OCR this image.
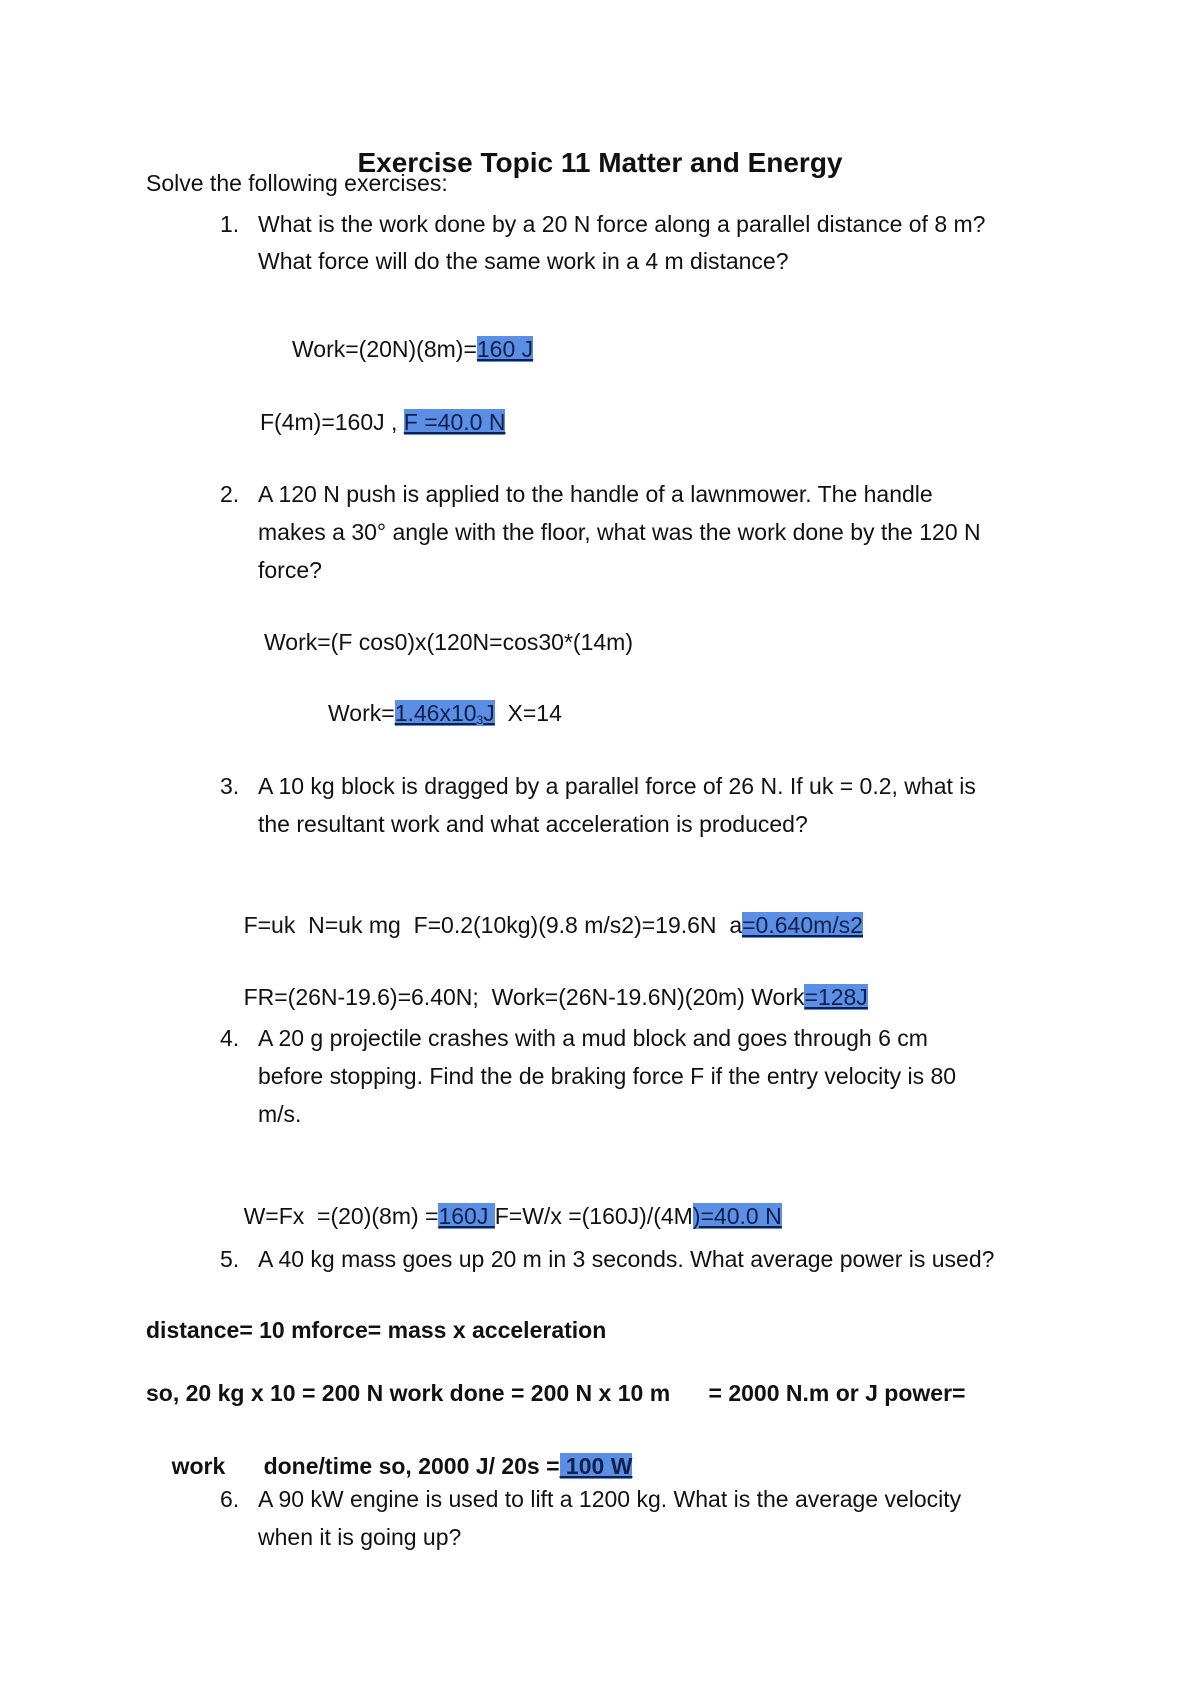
Exercise Topic 11 Matter and Energy
Solve the following exercises:
1. What is the work done by a 20 N force along a parallel distance of 8 m?
What force will do the same work in a 4 m distance?
Work=(20N)(8m)=160 J
F(4m)=160J , F =40.0 N
2. A 120 N push is applied to the handle of a lawnmower. The handle
makes a 30° angle with the floor, what was the work done by the 120 N
force?
Work=(F cos0)x(120N=cos30*(14m)
$Work=1.46x10_3J$  X=14
3. A 10 kg block is dragged by a parallel force of 26 N. If uk = 0.2, what is
the resultant work and what acceleration is produced?

F=uk  N=uk mg  F=0.2(10kg)(9.8 m/s2)=19.6N  a=0.640m/s2

FR=(26N-19.6)=6.40N;  Work=(26N-19.6N)(20m) Work=128J

4. A 20 g projectile crashes with a mud block and goes through 6 cm
before stopping. Find the de braking force F if the entry velocity is 80
m/s.

W=Fx  =(20)(8m) =160J F=W/x =(160J)/(4M)=40.0 N

5. A 40 kg mass goes up 20 m in 3 seconds. What average power is used?
distance= 10 mforce= mass x acceleration
so, 20 kg x 10 = 200 N work done = 200 N x 10 m      = 2000 N.m or J power=

work      done/time so, 2000 J/ 20s = 100 W

6. A 90 kW engine is used to lift a 1200 kg. What is the average velocity
when it is going up?
